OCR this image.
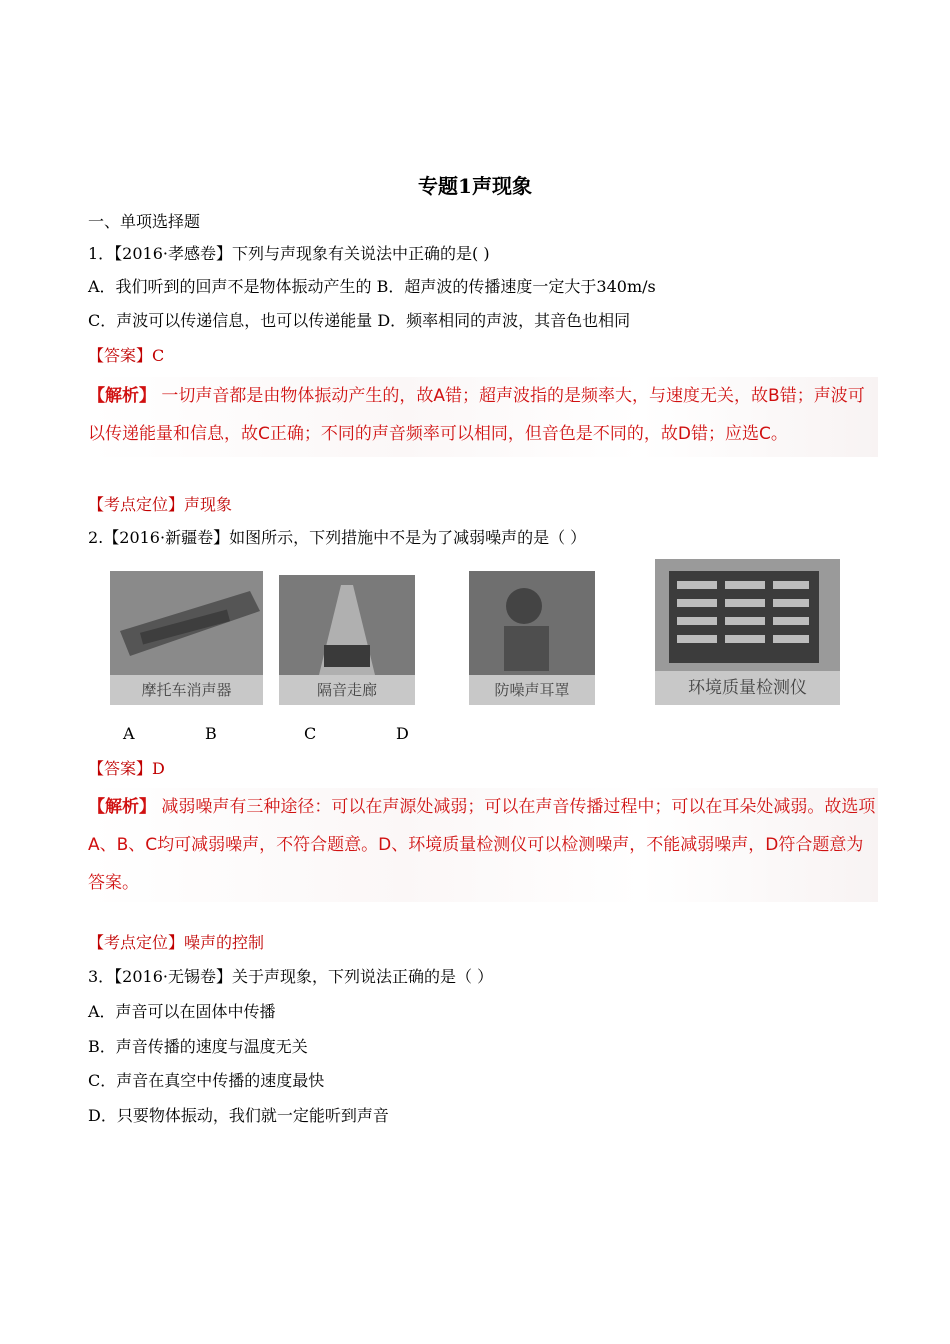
专题1声现象
一、单项选择题
1．【2016·孝感卷】下列与声现象有关说法中正确的是( )
A．我们听到的回声不是物体振动产生的 B．超声波的传播速度一定大于340m/s
C．声波可以传递信息，也可以传递能量 D．频率相同的声波，其音色也相同
【答案】C
【解析】 一切声音都是由物体振动产生的，故A错；超声波指的是频率大，与速度无关，故B错；声波可以传递能量和信息，故C正确；不同的声音频率可以相同，但音色是不同的，故D错；应选C。
【考点定位】声现象
2.【2016·新疆卷】如图所示，下列措施中不是为了减弱噪声的是（ ）
摩托车消声器	隔音走廊	防噪声耳罩	环境质量检测仪
A	B	C	D
【答案】D
【解析】 减弱噪声有三种途径：可以在声源处减弱；可以在声音传播过程中；可以在耳朵处减弱。故选项A、B、C均可减弱噪声，不符合题意。D、环境质量检测仪可以检测噪声，不能减弱噪声，D符合题意为答案。
【考点定位】噪声的控制
3．【2016·无锡卷】关于声现象，下列说法正确的是（ ）
A．声音可以在固体中传播
B．声音传播的速度与温度无关
C．声音在真空中传播的速度最快
D．只要物体振动，我们就一定能听到声音
